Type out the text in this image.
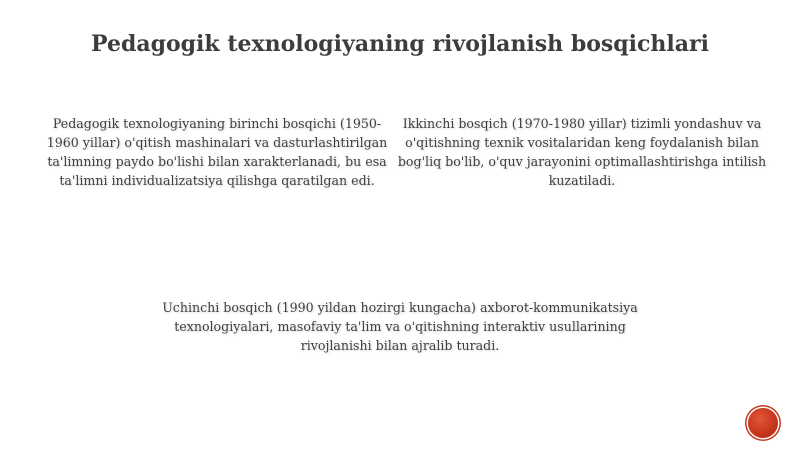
Pedagogik texnologiyaning rivojlanish bosqichlari
Pedagogik texnologiyaning birinchi bosqichi (1950-1960 yillar) o'qitish mashinalari va dasturlashtirilgan ta'limning paydo bo'lishi bilan xarakterlanadi, bu esa ta'limni individualizatsiya qilishga qaratilgan edi.
Ikkinchi bosqich (1970-1980 yillar) tizimli yondashuv va o'qitishning texnik vositalaridan keng foydalanish bilan bog'liq bo'lib, o'quv jarayonini optimallashtirishga intilish kuzatiladi.
Uchinchi bosqich (1990 yildan hozirgi kungacha) axborot-kommunikatsiya texnologiyalari, masofaviy ta'lim va o'qitishning interaktiv usullarining rivojlanishi bilan ajralib turadi.
